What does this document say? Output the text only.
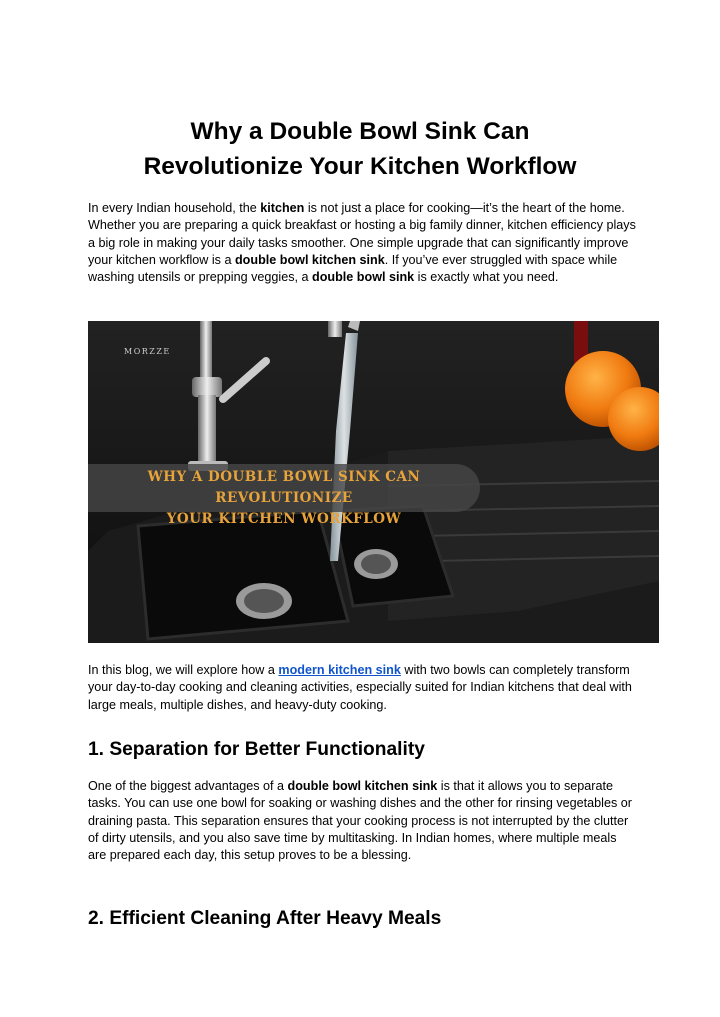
Why a Double Bowl Sink Can
Revolutionize Your Kitchen Workflow

In every Indian household, the kitchen is not just a place for cooking—it’s the heart of the home. Whether you are preparing a quick breakfast or hosting a big family dinner, kitchen efficiency plays a big role in making your daily tasks smoother. One simple upgrade that can significantly improve your kitchen workflow is a double bowl kitchen sink. If you’ve ever struggled with space while washing utensils or prepping veggies, a double bowl sink is exactly what you need.

MORZZE
WHY A DOUBLE BOWL SINK CAN REVOLUTIONIZE
YOUR KITCHEN WORKFLOW

In this blog, we will explore how a modern kitchen sink with two bowls can completely transform your day-to-day cooking and cleaning activities, especially suited for Indian kitchens that deal with large meals, multiple dishes, and heavy-duty cooking.

1. Separation for Better Functionality

One of the biggest advantages of a double bowl kitchen sink is that it allows you to separate tasks. You can use one bowl for soaking or washing dishes and the other for rinsing vegetables or draining pasta. This separation ensures that your cooking process is not interrupted by the clutter of dirty utensils, and you also save time by multitasking. In Indian homes, where multiple meals are prepared each day, this setup proves to be a blessing.

2. Efficient Cleaning After Heavy Meals
